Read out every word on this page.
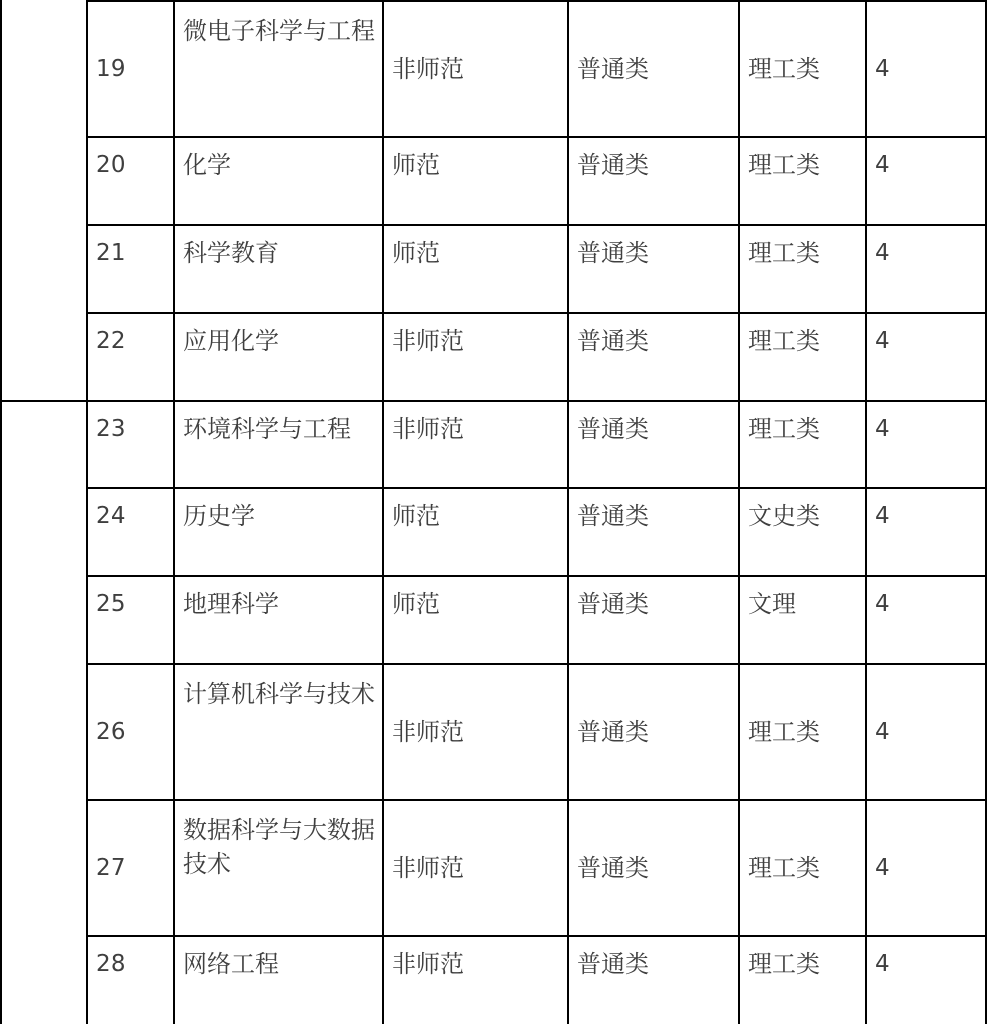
19
微电子科学与工程
非师范	普通类	理工类 4
20 化学	师范	普通类	理工类 4
21 科学教育	师范	普通类	理工类 4
22 应用化学	非师范	普通类	理工类 4
23 环境科学与工程 非师范	普通类	理工类 4
24 历史学	师范	普通类	文史类 4
25 地理科学	师范	普通类	文理	4
26
计算机科学与技术
非师范	普通类	理工类 4
27
数据科学与大数据技术	非师范	普通类	理工类 4
28 网络工程	非师范	普通类	理工类 4
